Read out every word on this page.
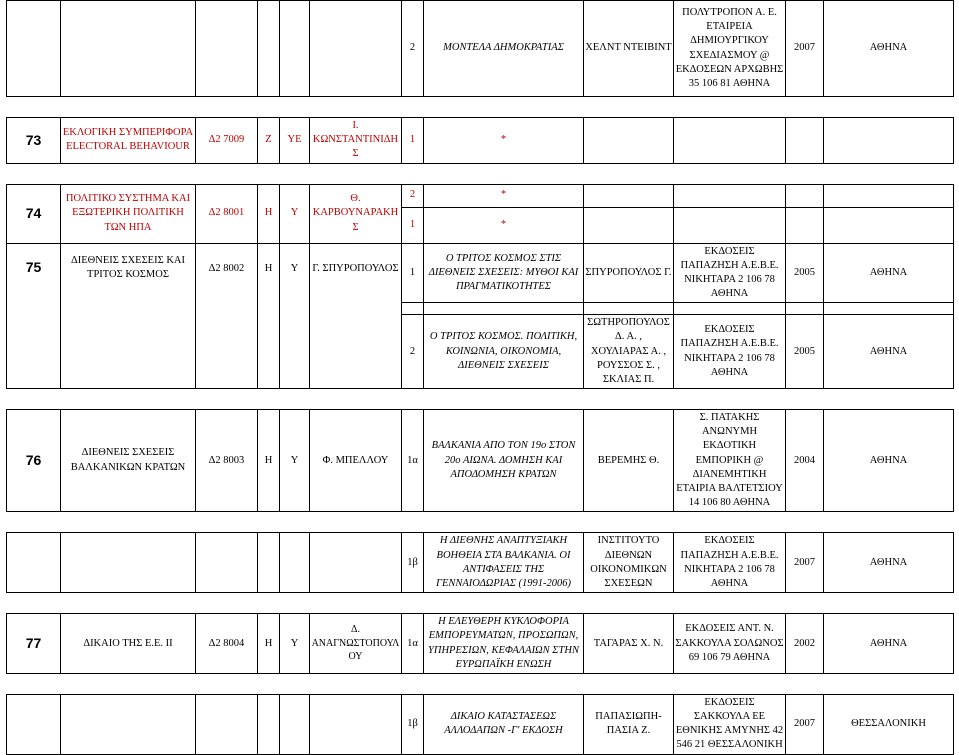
						2	ΜΟΝΤΕΛΑ ΔΗΜΟΚΡΑΤΙΑΣ	ΧΕΛΝΤ ΝΤΕΙΒΙΝΤ	ΠΟΛΥΤΡΟΠΟΝ Α. Ε. ΕΤΑΙΡΕΙΑ ΔΗΜΙΟΥΡΓΙΚΟΥ ΣΧΕΔΙΑΣΜΟΥ @ ΕΚΔΟΣΕΩΝ ΑΡΧΩΒΗΣ 35 106 81 ΑΘΗΝΑ	2007	ΑΘΗΝΑ

73	ΕΚΛΟΓΙΚΗ ΣΥΜΠΕΡΙΦΟΡΑ ELECTORAL BEHAVIOUR	Δ2 7009	Ζ	ΥΕ	Ι. ΚΩΝΣΤΑΝΤΙΝΙΔΗΣ	1	*				

74	ΠΟΛΙΤΙΚΟ ΣΥΣΤΗΜΑ ΚΑΙ ΕΞΩΤΕΡΙΚΗ ΠΟΛΙΤΙΚΗ ΤΩΝ ΗΠΑ	Δ2 8001	Η	Υ	Θ. ΚΑΡΒΟΥΝΑΡΑΚΗΣ	2	*				
						1	*				
75	ΔΙΕΘΝΕΙΣ ΣΧΕΣΕΙΣ ΚΑΙ ΤΡΙΤΟΣ ΚΟΣΜΟΣ	Δ2 8002	Η	Υ	Γ. ΣΠΥΡΟΠΟΥΛΟΣ	1	Ο ΤΡΙΤΟΣ ΚΟΣΜΟΣ ΣΤΙΣ ΔΙΕΘΝΕΙΣ ΣΧΕΣΕΙΣ: ΜΥΘΟΙ ΚΑΙ ΠΡΑΓΜΑΤΙΚΟΤΗΤΕΣ	ΣΠΥΡΟΠΟΥΛΟΣ Γ.	ΕΚΔΟΣΕΙΣ ΠΑΠΑΖΗΣΗ Α.Ε.Β.Ε. ΝΙΚΗΤΑΡΑ 2 106 78 ΑΘΗΝΑ	2005	ΑΘΗΝΑ

						2	Ο ΤΡΙΤΟΣ ΚΟΣΜΟΣ. ΠΟΛΙΤΙΚΗ, ΚΟΙΝΩΝΙΑ, ΟΙΚΟΝΟΜΙΑ, ΔΙΕΘΝΕΙΣ ΣΧΕΣΕΙΣ	ΣΩΤΗΡΟΠΟΥΛΟΣ Δ. Α. , ΧΟΥΛΙΑΡΑΣ Α. , ΡΟΥΣΣΟΣ Σ. , ΣΚΛΙΑΣ Π.	ΕΚΔΟΣΕΙΣ ΠΑΠΑΖΗΣΗ Α.Ε.Β.Ε. ΝΙΚΗΤΑΡΑ 2 106 78 ΑΘΗΝΑ	2005	ΑΘΗΝΑ

76	ΔΙΕΘΝΕΙΣ ΣΧΕΣΕΙΣ ΒΑΛΚΑΝΙΚΩΝ ΚΡΑΤΩΝ	Δ2 8003	Η	Υ	Φ. ΜΠΕΛΛΟΥ	1α	ΒΑΛΚΑΝΙΑ ΑΠΟ ΤΟΝ 19ο ΣΤΟΝ 20ο ΑΙΩΝΑ. ΔΟΜΗΣΗ ΚΑΙ ΑΠΟΔΟΜΗΣΗ ΚΡΑΤΩΝ	ΒΕΡΕΜΗΣ Θ.	Σ. ΠΑΤΑΚΗΣ ΑΝΩΝΥΜΗ ΕΚΔΟΤΙΚΗ ΕΜΠΟΡΙΚΗ @ ΔΙΑΝΕΜΗΤΙΚΗ ΕΤΑΙΡΙΑ ΒΑΛΤΕΤΣΙΟΥ 14 106 80 ΑΘΗΝΑ	2004	ΑΘΗΝΑ

						1β	Η ΔΙΕΘΝΗΣ ΑΝΑΠΤΥΞΙΑΚΗ ΒΟΗΘΕΙΑ ΣΤΑ ΒΑΛΚΑΝΙΑ. ΟΙ ΑΝΤΙΦΑΣΕΙΣ ΤΗΣ ΓΕΝΝΑΙΟΔΩΡΙΑΣ (1991-2006)	ΙΝΣΤΙΤΟΥΤΟ ΔΙΕΘΝΩΝ ΟΙΚΟΝΟΜΙΚΩΝ ΣΧΕΣΕΩΝ	ΕΚΔΟΣΕΙΣ ΠΑΠΑΖΗΣΗ Α.Ε.Β.Ε. ΝΙΚΗΤΑΡΑ 2 106 78 ΑΘΗΝΑ	2007	ΑΘΗΝΑ

77	ΔΙΚΑΙΟ ΤΗΣ Ε.Ε. ΙΙ	Δ2 8004	Η	Υ	Δ. ΑΝΑΓΝΩΣΤΟΠΟΥΛΟΥ	1α	Η ΕΛΕΥΘΕΡΗ ΚΥΚΛΟΦΟΡΙΑ ΕΜΠΟΡΕΥΜΑΤΩΝ, ΠΡΟΣΩΠΩΝ, ΥΠΗΡΕΣΙΩΝ, ΚΕΦΑΛΑΙΩΝ ΣΤΗΝ ΕΥΡΩΠΑΪΚΗ ΕΝΩΣΗ	ΤΑΓΑΡΑΣ Χ. Ν.	ΕΚΔΟΣΕΙΣ ΑΝΤ. Ν. ΣΑΚΚΟΥΛΑ ΣΟΛΩΝΟΣ 69 106 79 ΑΘΗΝΑ	2002	ΑΘΗΝΑ

						1β	ΔΙΚΑΙΟ ΚΑΤΑΣΤΑΣΕΩΣ ΑΛΛΟΔΑΠΩΝ -Γ' ΕΚΔΟΣΗ	ΠΑΠΑΣΙΩΠΗ-ΠΑΣΙΑ Ζ.	ΕΚΔΟΣΕΙΣ ΣΑΚΚΟΥΛΑ ΕΕ ΕΘΝΙΚΗΣ ΑΜΥΝΗΣ 42 546 21 ΘΕΣΣΑΛΟΝΙΚΗ	2007	ΘΕΣΣΑΛΟΝΙΚΗ
